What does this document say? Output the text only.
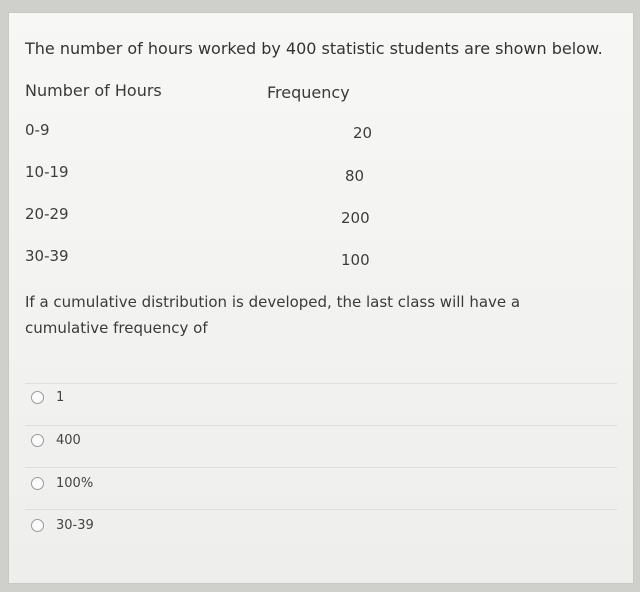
The number of hours worked by 400 statistic students are shown below.
Number of Hours	Frequency
0-9	20
10-19	80
20-29	200
30-39	100
If a cumulative distribution is developed, the last class will have a cumulative frequency of
1
400
100%
30-39
